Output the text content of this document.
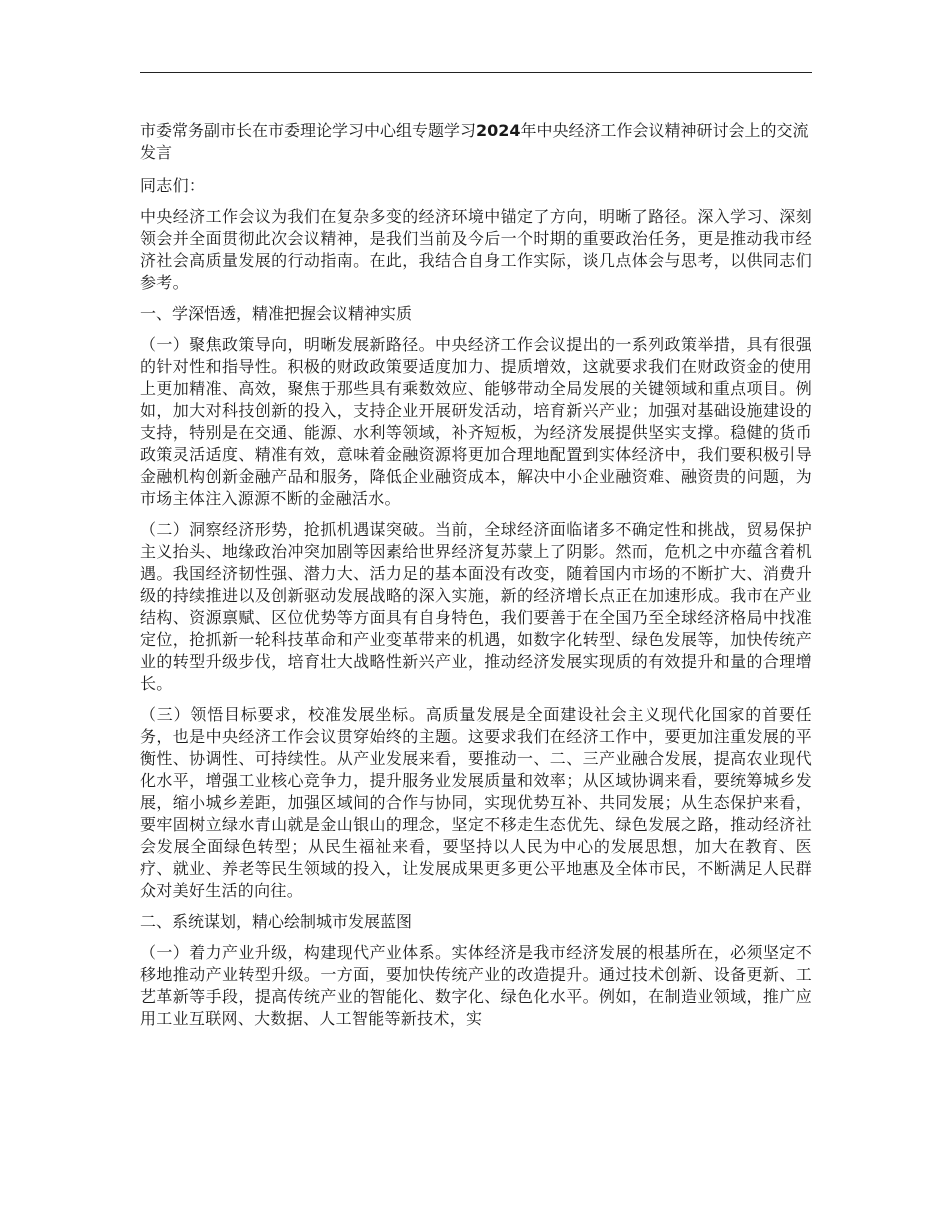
市委常务副市长在市委理论学习中心组专题学习2024年中央经济工作会议精神研讨会上的交流发言
同志们：
中央经济工作会议为我们在复杂多变的经济环境中锚定了方向，明晰了路径。深入学习、深刻领会并全面贯彻此次会议精神，是我们当前及今后一个时期的重要政治任务，更是推动我市经济社会高质量发展的行动指南。在此，我结合自身工作实际，谈几点体会与思考，以供同志们参考。
一、学深悟透，精准把握会议精神实质
（一）聚焦政策导向，明晰发展新路径。中央经济工作会议提出的一系列政策举措，具有很强的针对性和指导性。积极的财政政策要适度加力、提质增效，这就要求我们在财政资金的使用上更加精准、高效，聚焦于那些具有乘数效应、能够带动全局发展的关键领域和重点项目。例如，加大对科技创新的投入，支持企业开展研发活动，培育新兴产业；加强对基础设施建设的支持，特别是在交通、能源、水利等领域，补齐短板，为经济发展提供坚实支撑。稳健的货币政策灵活适度、精准有效，意味着金融资源将更加合理地配置到实体经济中，我们要积极引导金融机构创新金融产品和服务，降低企业融资成本，解决中小企业融资难、融资贵的问题，为市场主体注入源源不断的金融活水。
（二）洞察经济形势，抢抓机遇谋突破。当前，全球经济面临诸多不确定性和挑战，贸易保护主义抬头、地缘政治冲突加剧等因素给世界经济复苏蒙上了阴影。然而，危机之中亦蕴含着机遇。我国经济韧性强、潜力大、活力足的基本面没有改变，随着国内市场的不断扩大、消费升级的持续推进以及创新驱动发展战略的深入实施，新的经济增长点正在加速形成。我市在产业结构、资源禀赋、区位优势等方面具有自身特色，我们要善于在全国乃至全球经济格局中找准定位，抢抓新一轮科技革命和产业变革带来的机遇，如数字化转型、绿色发展等，加快传统产业的转型升级步伐，培育壮大战略性新兴产业，推动经济发展实现质的有效提升和量的合理增长。
（三）领悟目标要求，校准发展坐标。高质量发展是全面建设社会主义现代化国家的首要任务，也是中央经济工作会议贯穿始终的主题。这要求我们在经济工作中，要更加注重发展的平衡性、协调性、可持续性。从产业发展来看，要推动一、二、三产业融合发展，提高农业现代化水平，增强工业核心竞争力，提升服务业发展质量和效率；从区域协调来看，要统筹城乡发展，缩小城乡差距，加强区域间的合作与协同，实现优势互补、共同发展；从生态保护来看，要牢固树立绿水青山就是金山银山的理念，坚定不移走生态优先、绿色发展之路，推动经济社会发展全面绿色转型；从民生福祉来看，要坚持以人民为中心的发展思想，加大在教育、医疗、就业、养老等民生领域的投入，让发展成果更多更公平地惠及全体市民，不断满足人民群众对美好生活的向往。
二、系统谋划，精心绘制城市发展蓝图
（一）着力产业升级，构建现代产业体系。实体经济是我市经济发展的根基所在，必须坚定不移地推动产业转型升级。一方面，要加快传统产业的改造提升。通过技术创新、设备更新、工艺革新等手段，提高传统产业的智能化、数字化、绿色化水平。例如，在制造业领域，推广应用工业互联网、大数据、人工智能等新技术，实
